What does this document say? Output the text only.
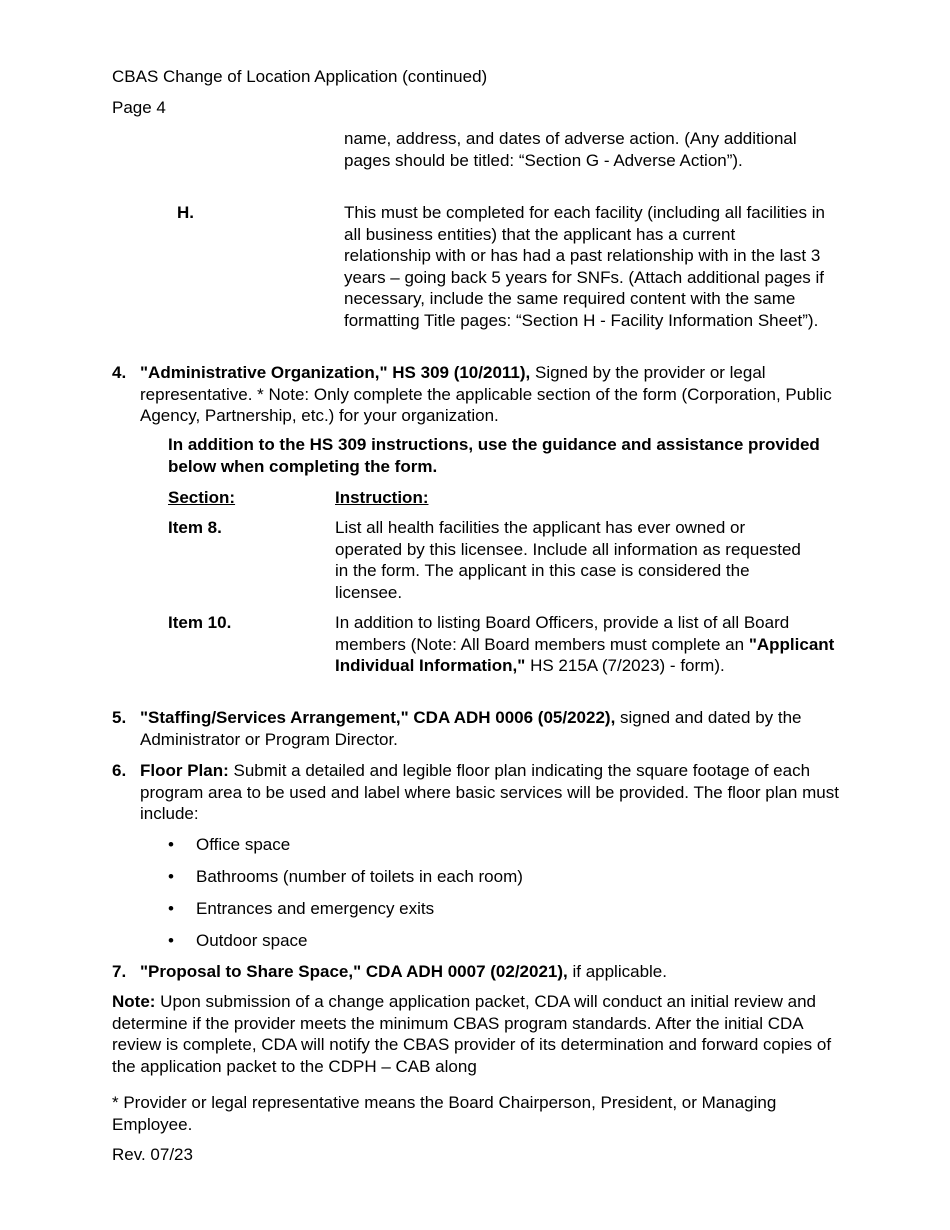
CBAS Change of Location Application (continued)
Page 4
name, address, and dates of adverse action. (Any additional pages should be titled: “Section G - Adverse Action”).
H.	This must be completed for each facility (including all facilities in all business entities) that the applicant has a current relationship with or has had a past relationship with in the last 3 years – going back 5 years for SNFs. (Attach additional pages if necessary, include the same required content with the same formatting Title pages: “Section H - Facility Information Sheet”).
4. "Administrative Organization," HS 309 (10/2011), Signed by the provider or legal representative. * Note: Only complete the applicable section of the form (Corporation, Public Agency, Partnership, etc.) for your organization.
In addition to the HS 309 instructions, use the guidance and assistance provided below when completing the form.
Section:	Instruction:
Item 8.	List all health facilities the applicant has ever owned or operated by this licensee. Include all information as requested in the form. The applicant in this case is considered the licensee.
Item 10.	In addition to listing Board Officers, provide a list of all Board members (Note: All Board members must complete an "Applicant Individual Information," HS 215A (7/2023) - form).
5. "Staffing/Services Arrangement," CDA ADH 0006 (05/2022), signed and dated by the Administrator or Program Director.
6. Floor Plan: Submit a detailed and legible floor plan indicating the square footage of each program area to be used and label where basic services will be provided. The floor plan must include:
• Office space
• Bathrooms (number of toilets in each room)
• Entrances and emergency exits
• Outdoor space
7. "Proposal to Share Space," CDA ADH 0007 (02/2021), if applicable.
Note: Upon submission of a change application packet, CDA will conduct an initial review and determine if the provider meets the minimum CBAS program standards. After the initial CDA review is complete, CDA will notify the CBAS provider of its determination and forward copies of the application packet to the CDPH – CAB along
* Provider or legal representative means the Board Chairperson, President, or Managing Employee.
Rev. 07/23
